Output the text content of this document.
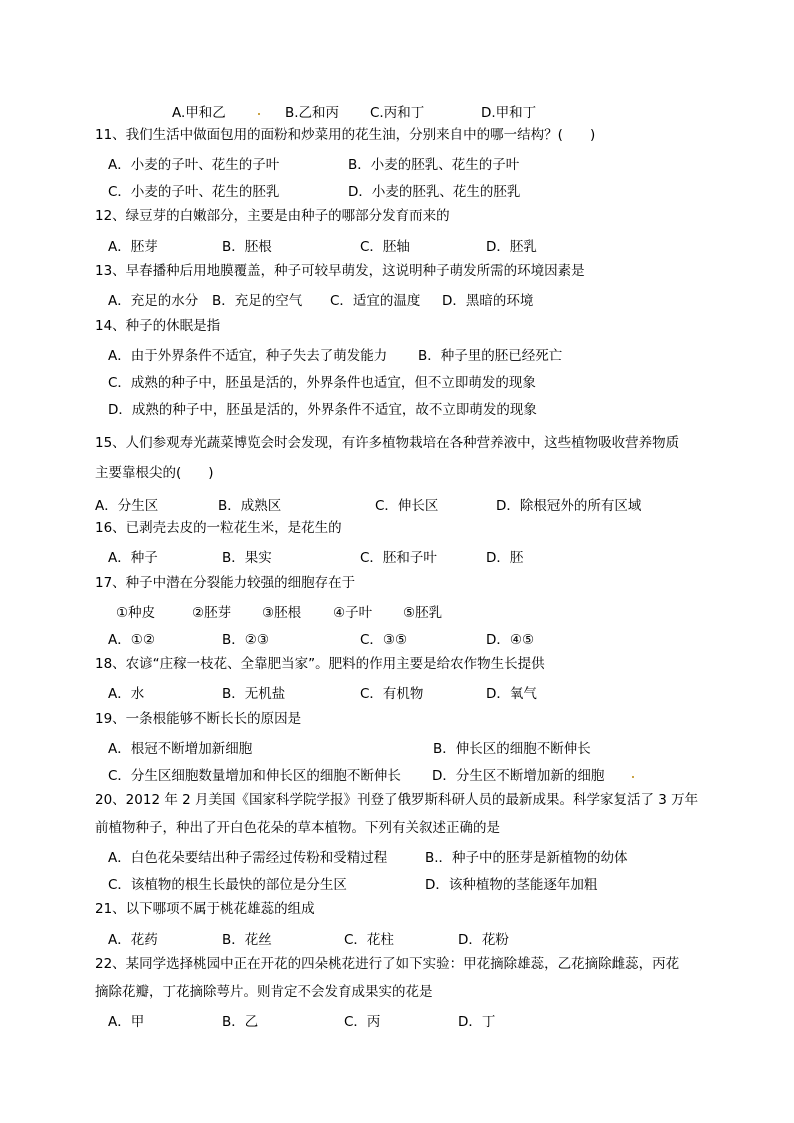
A.甲和乙	B.乙和丙 C.丙和丁	D.甲和丁
11、我们生活中做面包用的面粉和炒菜用的花生油，分别来自中的哪一结构？(　　)
A．小麦的子叶、花生的子叶	B．小麦的胚乳、花生的子叶
C．小麦的子叶、花生的胚乳	D．小麦的胚乳、花生的胚乳
12、绿豆芽的白嫩部分，主要是由种子的哪部分发育而来的
A．胚芽	B．胚根	C．胚轴	D．胚乳
13、早春播种后用地膜覆盖，种子可较早萌发，这说明种子萌发所需的环境因素是
A．充足的水分 B．充足的空气 C．适宜的温度 D．黑暗的环境
14、种子的休眠是指
A．由于外界条件不适宜，种子失去了萌发能力 B．种子里的胚已经死亡
C．成熟的种子中，胚虽是活的，外界条件也适宜，但不立即萌发的现象
D．成熟的种子中，胚虽是活的，外界条件不适宜，故不立即萌发的现象
15、人们参观寿光蔬菜博览会时会发现，有许多植物栽培在各种营养液中，这些植物吸收营养物质
主要靠根尖的(　　)
A．分生区	B．成熟区	C．伸长区	D．除根冠外的所有区域
16、已剥壳去皮的一粒花生米，是花生的
A．种子	B．果实	C．胚和子叶	D．胚
17、种子中潜在分裂能力较强的细胞存在于
①种皮	②胚芽 ③胚根 ④子叶 ⑤胚乳
A．①②	B．②③	C．③⑤	D．④⑤
18、农谚“庄稼一枝花、全靠肥当家”。肥料的作用主要是给农作物生长提供
A．水	B．无机盐	C．有机物	D．氧气
19、一条根能够不断长长的原因是
A．根冠不断增加新细胞	B．伸长区的细胞不断伸长
C．分生区细胞数量增加和伸长区的细胞不断伸长 D．分生区不断增加新的细胞
20、2012 年 2 月美国《国家科学院学报》刊登了俄罗斯科研人员的最新成果。科学家复活了 3 万年
前植物种子，种出了开白色花朵的草本植物。下列有关叙述正确的是
A．白色花朵要结出种子需经过传粉和受精过程	B.．种子中的胚芽是新植物的幼体
C．该植物的根生长最快的部位是分生区	D．该种植物的茎能逐年加粗
21、以下哪项不属于桃花雄蕊的组成
A．花药	B．花丝	C．花柱	D．花粉
22、某同学选择桃园中正在开花的四朵桃花进行了如下实验：甲花摘除雄蕊，乙花摘除雌蕊，丙花
摘除花瓣，丁花摘除萼片。则肯定不会发育成果实的花是
A．甲	B．乙	C．丙	D．丁
